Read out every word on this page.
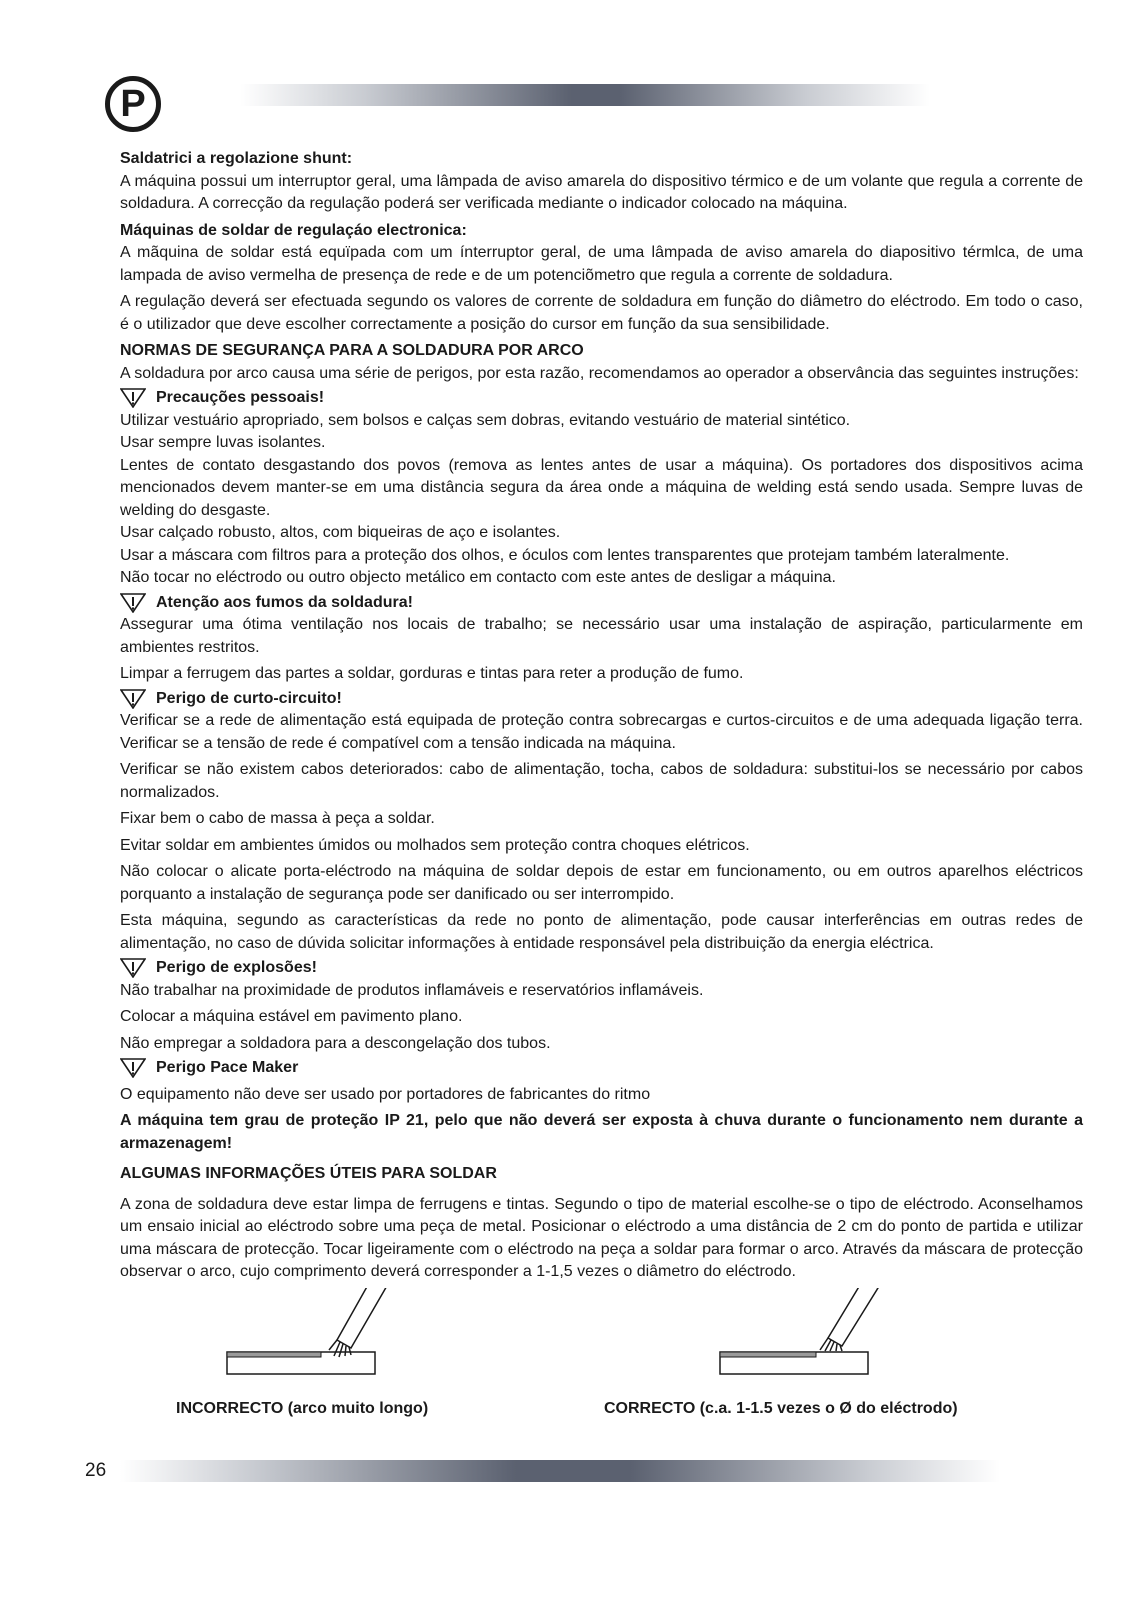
P

Saldatrici a regolazione shunt:

A máquina possui um interruptor geral, uma lâmpada de aviso amarela do dispositivo térmico e de um volante que regula a corrente de soldadura. A correcção da regulação poderá ser verificada mediante o indicador colocado na máquina.

Máquinas de soldar de regulaçáo electronica:

A mãquina de soldar está equïpada com um ínterruptor geral, de uma lâmpada de aviso amarela do diapositivo térmlca, de uma lampada de aviso vermelha de presença de rede e de um potenciõmetro que regula a corrente de soldadura.

A regulação deverá ser efectuada segundo os valores de corrente de soldadura em função do diâmetro do eléctrodo. Em todo o caso, é o utilizador que deve escolher correctamente a posição do cursor em função da sua sensibilidade.

NORMAS DE SEGURANÇA PARA A SOLDADURA POR ARCO

A soldadura por arco causa uma série de perigos, por esta razão, recomendamos ao operador a observância das seguintes instruções:

Precauções pessoais!

Utilizar vestuário apropriado, sem bolsos e calças sem dobras, evitando vestuário de material sintético.

Usar sempre luvas isolantes.

Lentes de contato desgastando dos povos (remova as lentes antes de usar a máquina). Os portadores dos dispositivos acima mencionados devem manter-se em uma distância segura da área onde a máquina de welding está sendo usada. Sempre luvas de welding do desgaste.

Usar calçado robusto, altos, com biqueiras de aço e isolantes.

Usar a máscara com filtros para a proteção dos olhos, e óculos com lentes transparentes que protejam também lateralmente.

Não tocar no eléctrodo ou outro objecto metálico em contacto com este antes de desligar a máquina.

Atenção aos fumos da soldadura!

Assegurar uma ótima ventilação nos locais de trabalho; se necessário usar uma instalação de aspiração, particularmente em ambientes restritos.

Limpar a ferrugem das partes a soldar, gorduras e tintas para reter a produção de fumo.

Perigo de curto-circuito!

Verificar se a rede de alimentação está equipada de proteção contra sobrecargas e curtos-circuitos e de uma adequada ligação terra. Verificar se a tensão de rede é compatível com a tensão indicada na máquina.

Verificar se não existem cabos deteriorados: cabo de alimentação, tocha, cabos de soldadura: substitui-los se necessário por cabos normalizados.

Fixar bem o cabo de massa à peça a soldar.

Evitar soldar em ambientes úmidos ou molhados sem proteção contra choques elétricos.

Não colocar o alicate porta-eléctrodo na máquina de soldar depois de estar em funcionamento, ou em outros aparelhos eléctricos porquanto a instalação de segurança pode ser danificado ou ser interrompido.

Esta máquina, segundo as características da rede no ponto de alimentação, pode causar interferências em outras redes de alimentação, no caso de dúvida solicitar informações à entidade responsável pela distribuição da energia eléctrica.

Perigo de explosões!

Não trabalhar na proximidade de produtos inflamáveis e reservatórios inflamáveis.

Colocar a máquina estável em pavimento plano.

Não empregar a soldadora para a descongelação dos tubos.

Perigo Pace Maker

O equipamento não deve ser usado por portadores de fabricantes do ritmo

A máquina tem grau de proteção IP 21, pelo que não deverá ser exposta à chuva durante o funcionamento nem durante a armazenagem!

ALGUMAS INFORMAÇÕES ÚTEIS PARA SOLDAR

A zona de soldadura deve estar limpa de ferrugens e tintas. Segundo o tipo de material escolhe-se o tipo de eléctrodo. Aconselhamos um ensaio inicial ao eléctrodo sobre uma peça de metal. Posicionar o eléctrodo a uma distância de 2 cm do ponto de partida e utilizar uma máscara de protecção. Tocar ligeiramente com o eléctrodo na peça a soldar para formar o arco. Através da máscara de protecção observar o arco, cujo comprimento deverá corresponder a 1-1,5 vezes o diâmetro do eléctrodo.

INCORRECTO (arco muito longo)	CORRECTO (c.a. 1-1.5 vezes o Ø do eléctrodo)
26
